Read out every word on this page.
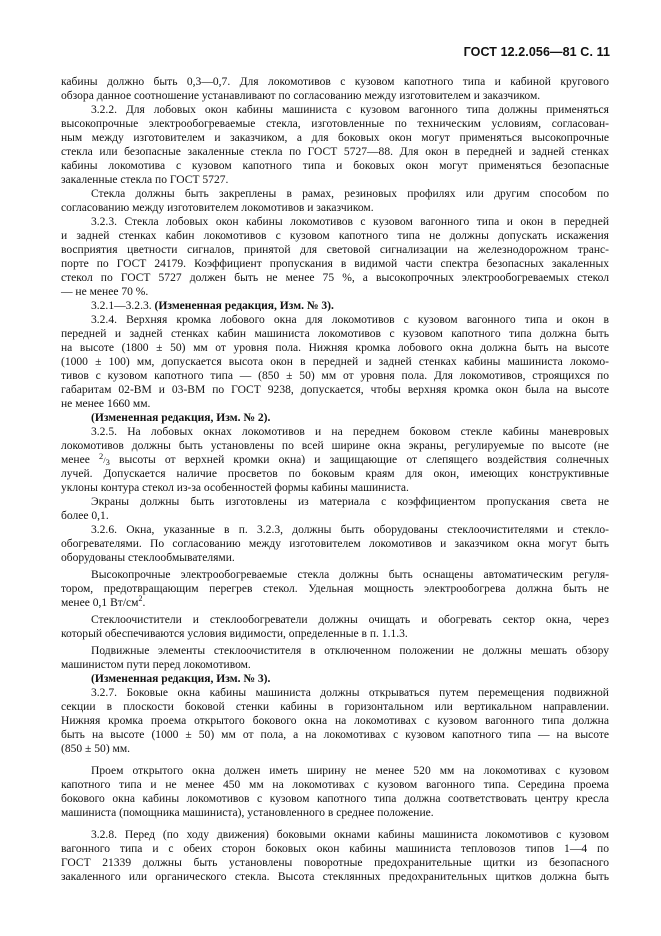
ГОСТ 12.2.056—81 С. 11
кабины должно быть 0,3—0,7. Для локомотивов с кузовом капотного типа и кабиной кругового
обзора данное соотношение устанавливают по согласованию между изготовителем и заказчиком.
3.2.2. Для лобовых окон кабины машиниста с кузовом вагонного типа должны применяться
высокопрочные электрообогреваемые стекла, изготовленные по техническим условиям, согласован-
ным между изготовителем и заказчиком, а для боковых окон могут применяться высокопрочные
стекла или безопасные закаленные стекла по ГОСТ 5727—88. Для окон в передней и задней стенках
кабины локомотива с кузовом капотного типа и боковых окон могут применяться безопасные
закаленные стекла по ГОСТ 5727.
Стекла должны быть закреплены в рамах, резиновых профилях или другим способом по
согласованию между изготовителем локомотивов и заказчиком.
3.2.3. Стекла лобовых окон кабины локомотивов с кузовом вагонного типа и окон в передней
и задней стенках кабин локомотивов с кузовом капотного типа не должны допускать искажения
восприятия цветности сигналов, принятой для световой сигнализации на железнодорожном транс-
порте по ГОСТ 24179. Коэффициент пропускания в видимой части спектра безопасных закаленных
стекол по ГОСТ 5727 должен быть не менее 75 %, а высокопрочных электрообогреваемых стекол
— не менее 70 %.
3.2.1—3.2.3. (Измененная редакция, Изм. № 3).
3.2.4. Верхняя кромка лобового окна для локомотивов с кузовом вагонного типа и окон в
передней и задней стенках кабин машиниста локомотивов с кузовом капотного типа должна быть
на высоте (1800 ± 50) мм от уровня пола. Нижняя кромка лобового окна должна быть на высоте
(1000 ± 100) мм, допускается высота окон в передней и задней стенках кабины машиниста локомо-
тивов с кузовом капотного типа — (850 ± 50) мм от уровня пола. Для локомотивов, строящихся по
габаритам 02-ВМ и 03-ВМ по ГОСТ 9238, допускается, чтобы верхняя кромка окон была на высоте
не менее 1660 мм.
(Измененная редакция, Изм. № 2).
3.2.5. На лобовых окнах локомотивов и на переднем боковом стекле кабины маневровых
локомотивов должны быть установлены по всей ширине окна экраны, регулируемые по высоте (не
менее 2/3 высоты от верхней кромки окна) и защищающие от слепящего воздействия солнечных
лучей. Допускается наличие просветов по боковым краям для окон, имеющих конструктивные
уклоны контура стекол из-за особенностей формы кабины машиниста.
Экраны должны быть изготовлены из материала с коэффициентом пропускания света не
более 0,1.
3.2.6. Окна, указанные в п. 3.2.3, должны быть оборудованы стеклоочистителями и стекло-
обогревателями. По согласованию между изготовителем локомотивов и заказчиком окна могут быть
оборудованы стеклообмывателями.
Высокопрочные электрообогреваемые стекла должны быть оснащены автоматическим регуля-
тором, предотвращающим перегрев стекол. Удельная мощность электрообогрева должна быть не
менее 0,1 $Вт/см^2$.
Стеклоочистители и стеклообогреватели должны очищать и обогревать сектор окна, через
который обеспечиваются условия видимости, определенные в п. 1.1.3.
Подвижные элементы стеклоочистителя в отключенном положении не должны мешать обзору
машинистом пути перед локомотивом.
(Измененная редакция, Изм. № 3).
3.2.7. Боковые окна кабины машиниста должны открываться путем перемещения подвижной
секции в плоскости боковой стенки кабины в горизонтальном или вертикальном направлении.
Нижняя кромка проема открытого бокового окна на локомотивах с кузовом вагонного типа должна
быть на высоте (1000 ± 50) мм от пола, а на локомотивах с кузовом капотного типа — на высоте
(850 ± 50) мм.
Проем открытого окна должен иметь ширину не менее 520 мм на локомотивах с кузовом
капотного типа и не менее 450 мм на локомотивах с кузовом вагонного типа. Середина проема
бокового окна кабины локомотивов с кузовом капотного типа должна соответствовать центру кресла
машиниста (помощника машиниста), установленного в среднее положение.
3.2.8. Перед (по ходу движения) боковыми окнами кабины машиниста локомотивов с кузовом
вагонного типа и с обеих сторон боковых окон кабины машиниста тепловозов типов 1—4 по
ГОСТ 21339 должны быть установлены поворотные предохранительные щитки из безопасного
закаленного или органического стекла. Высота стеклянных предохранительных щитков должна быть
